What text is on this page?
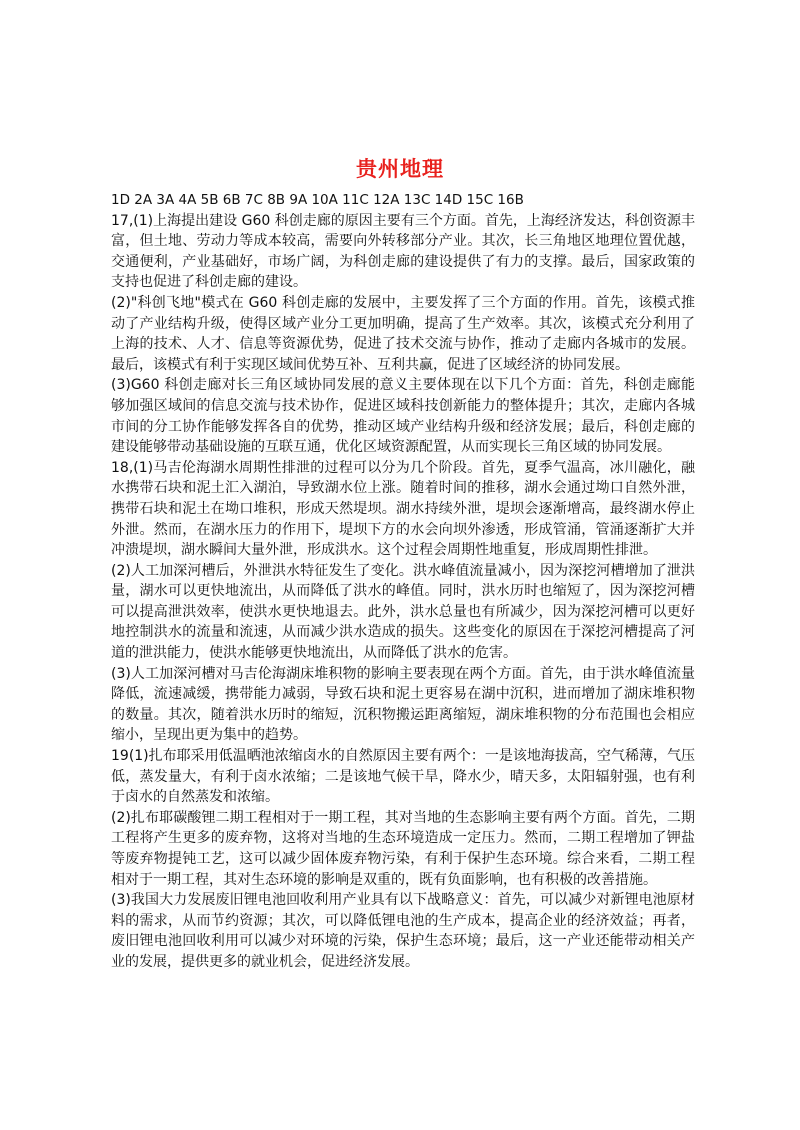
贵州地理

1D 2A 3A 4A 5B 6B 7C 8B 9A 10A 11C 12A 13C 14D 15C 16B

17,(1)上海提出建设 G60 科创走廊的原因主要有三个方面。首先，上海经济发达，科创资源丰富，但土地、劳动力等成本较高，需要向外转移部分产业。其次，长三角地区地理位置优越，交通便利，产业基础好，市场广阔，为科创走廊的建设提供了有力的支撑。最后，国家政策的支持也促进了科创走廊的建设。

(2)"科创飞地"模式在 G60 科创走廊的发展中，主要发挥了三个方面的作用。首先，该模式推动了产业结构升级，使得区域产业分工更加明确，提高了生产效率。其次，该模式充分利用了上海的技术、人才、信息等资源优势，促进了技术交流与协作，推动了走廊内各城市的发展。最后，该模式有利于实现区域间优势互补、互利共赢，促进了区域经济的协同发展。

(3)G60 科创走廊对长三角区域协同发展的意义主要体现在以下几个方面：首先，科创走廊能够加强区域间的信息交流与技术协作，促进区域科技创新能力的整体提升；其次，走廊内各城市间的分工协作能够发挥各自的优势，推动区域产业结构升级和经济发展；最后，科创走廊的建设能够带动基础设施的互联互通，优化区域资源配置，从而实现长三角区域的协同发展。

18,(1)马吉伦海湖水周期性排泄的过程可以分为几个阶段。首先，夏季气温高，冰川融化，融水携带石块和泥土汇入湖泊，导致湖水位上涨。随着时间的推移，湖水会通过坳口自然外泄，携带石块和泥土在坳口堆积，形成天然堤坝。湖水持续外泄，堤坝会逐渐增高，最终湖水停止外泄。然而，在湖水压力的作用下，堤坝下方的水会向坝外渗透，形成管涌，管涌逐渐扩大并冲溃堤坝，湖水瞬间大量外泄，形成洪水。这个过程会周期性地重复，形成周期性排泄。

(2)人工加深河槽后，外泄洪水特征发生了变化。洪水峰值流量减小，因为深挖河槽增加了泄洪量，湖水可以更快地流出，从而降低了洪水的峰值。同时，洪水历时也缩短了，因为深挖河槽可以提高泄洪效率，使洪水更快地退去。此外，洪水总量也有所减少，因为深挖河槽可以更好地控制洪水的流量和流速，从而减少洪水造成的损失。这些变化的原因在于深挖河槽提高了河道的泄洪能力，使洪水能够更快地流出，从而降低了洪水的危害。

(3)人工加深河槽对马吉伦海湖床堆积物的影响主要表现在两个方面。首先，由于洪水峰值流量降低，流速减缓，携带能力减弱，导致石块和泥土更容易在湖中沉积，进而增加了湖床堆积物的数量。其次，随着洪水历时的缩短，沉积物搬运距离缩短，湖床堆积物的分布范围也会相应缩小，呈现出更为集中的趋势。

19(1)扎布耶采用低温晒池浓缩卤水的自然原因主要有两个：一是该地海拔高，空气稀薄，气压低，蒸发量大，有利于卤水浓缩；二是该地气候干旱，降水少，晴天多，太阳辐射强，也有利于卤水的自然蒸发和浓缩。

(2)扎布耶碳酸锂二期工程相对于一期工程，其对当地的生态影响主要有两个方面。首先，二期工程将产生更多的废弃物，这将对当地的生态环境造成一定压力。然而，二期工程增加了钾盐等废弃物提钝工艺，这可以减少固体废弃物污染，有利于保护生态环境。综合来看，二期工程相对于一期工程，其对生态环境的影响是双重的，既有负面影响，也有积极的改善措施。

(3)我国大力发展废旧锂电池回收利用产业具有以下战略意义：首先，可以减少对新锂电池原材料的需求，从而节约资源；其次，可以降低锂电池的生产成本，提高企业的经济效益；再者，废旧锂电池回收利用可以减少对环境的污染，保护生态环境；最后，这一产业还能带动相关产业的发展，提供更多的就业机会，促进经济发展。
